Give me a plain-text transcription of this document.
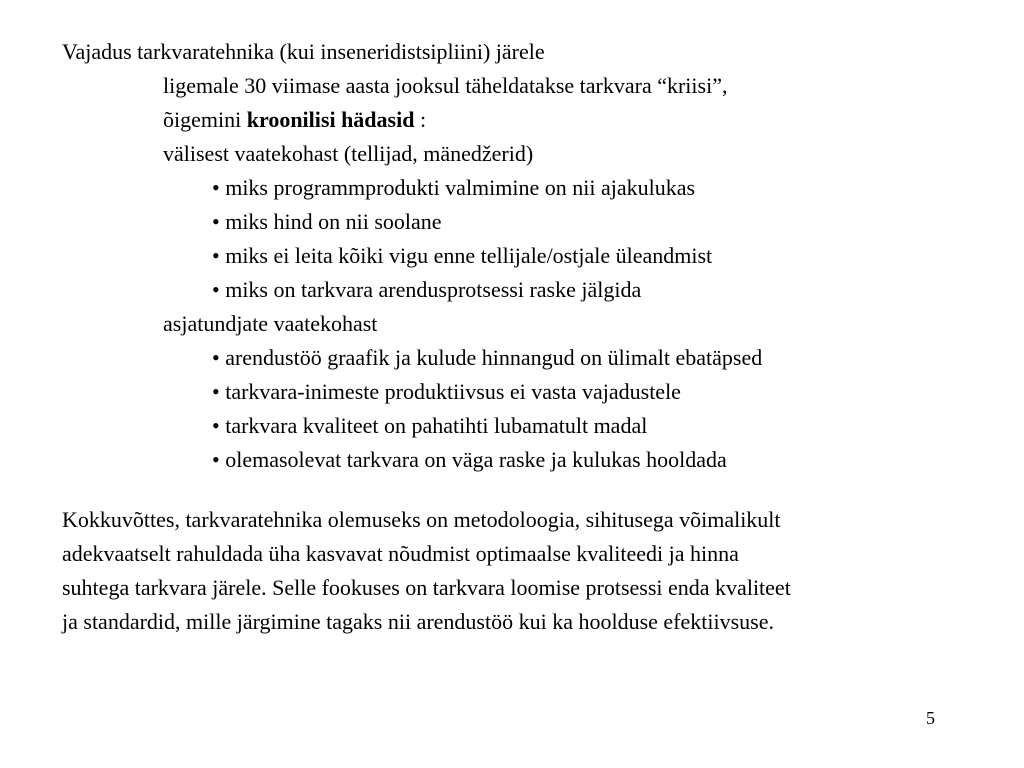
Vajadus tarkvaratehnika (kui inseneridistsipliini) järele

ligemale 30 viimase aasta jooksul täheldatakse tarkvara “kriisi”,

õigemini kroonilisi hädasid :

välisest vaatekohast (tellijad, mänedžerid)

• miks programmprodukti valmimine on nii ajakulukas

• miks hind on nii soolane

• miks ei leita kõiki vigu enne tellijale/ostjale üleandmist

• miks on tarkvara arendusprotsessi raske jälgida

asjatundjate vaatekohast

• arendustöö graafik ja kulude hinnangud on ülimalt ebatäpsed

• tarkvara-inimeste produktiivsus ei vasta vajadustele

• tarkvara kvaliteet on pahatihti lubamatult madal

• olemasolevat tarkvara on väga raske ja kulukas hooldada

Kokkuvõttes, tarkvaratehnika olemuseks on metodoloogia, sihitusega võimalikult

adekvaatselt rahuldada üha kasvavat nõudmist optimaalse kvaliteedi ja hinna

suhtega tarkvara järele. Selle fookuses on tarkvara loomise protsessi enda kvaliteet

ja standardid, mille järgimine tagaks nii arendustöö kui ka hoolduse efektiivsuse.

5
